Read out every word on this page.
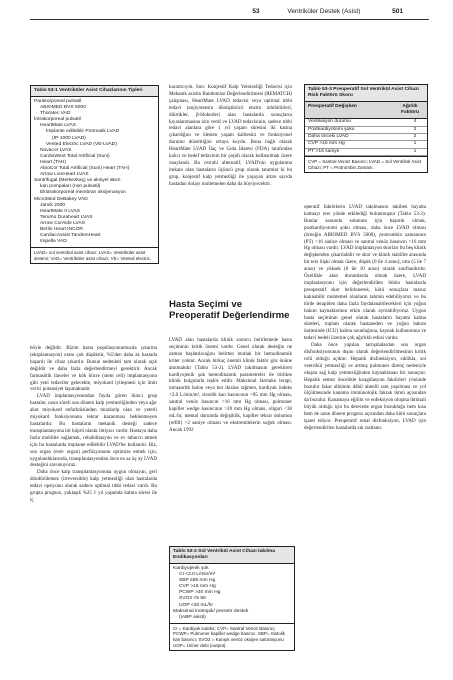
53	Ventriküler Destek (Asist)	501
Tablo 53-1 Ventriküler Asist Cihazlarının Tipleri
Parakorporeal pulsatil
ABIOMED BVS 5000
Thoratec VAD
İntrakorporeal pulsatil
HeartMate LVAS
İmplante edilebilir Pnömatik LVAD
(IP-1000 LVAD)
Vented Electric LVAD (VE-LVAD)
Novacor LVAS
CardioWest Total Artificial (Suni)
Heart (TAH)
AbioCor Total Artificial (Suni) Heart (TAH)
Arrow LionHeart LVAS
Santrifugal (Merkezkaç) ve aksiyel akım
kan pompaları (non pulsatil)
Ekstrakorporeal membran oksijenasyon
MicroMed DeBakey VAD
Jarvik 2000
HeartMate II LVAS
Terumo Duraheart LVAS
Arrow CorAide LVAS
Berlin Heart INCOR
CardiacAssist TandemHeart
Impella VAD
LVAD= sol ventrikül asist cihazı; LVAS= Ventriküler asist sistemi; VAD= Ventriküler asist cihazı; VE= Vented electric.

böyle değildir. Bizim hasta popülasyonumuzda çıkarma (eksplantasyon) oranı çok düşüktür, %5'den daha az hastada başarılı ile cihaz çıkarılır. Bunun nedenleri tam olarak açık değildir ve daha fazla değerlendirmeyi gerektirir. Ancak farmasötik ilaveler ve kök hücre (stem cell) implantasyonu gibi yeni tedaviler gelecekte, miyokard iyileşmesi için ümit verici potansiyel taşımaktadır.

LVAD implantasyonundan fayda gören ikinci grup hastalar, uzun süreli son dönem kalp yetmezliğinden veya ağır akut miyokard enfarktüsünden muzdarip olan ve yeterli miyokard fonksiyonunu tekrar kazanması beklenmeyen hastalardır. Bu hastaların mekanik desteği sadece transplantasyona bir köprü olarak ihtiyacı vardır. Hastaya daha fazla mobilite sağlamak, rehabilitasyon ve ev taburcu etmek için bu hastalarda implante edilebilir LVAD'ler kullanılır. Biz, son organ (end- organ) perfüzyonunu optimize etmek için, uygulandıklarında, transplantasyondan önce en az üç ay LVAD desteğini savunuyoruz.

Daha önce kalp transplantasyonuna uygun olmayan, geri döndürülemez (irreversible) kalp yetmezliği olan hastalarda tedavi opsiyonu olarak sadece optimal tıbbi tedavi vardı. Bu grupta prognoz, yaklaşık %25 1 yıl yaşamda kalma süresi ile iç

karartıcıydı. Son: Konjestif Kalp Yetmezliği Tedavisi için Mekanik asistin Randomize Değerlendirilmesi (REMATCH) çalışması, HeartMate LVAD tedavisi veya optimal tıbbi tedavi (anjiyotensin dönüştürücü enzim inhibitörleri, diürtikler, β-blokerler) alan hastalarda sonuçların kıyaslanmasına izin verdi ve LVAD tedavisinin, sadece tıbbi tedavi alanlara göre 1 yıl yaşam süresini iki katına çıkardığını ve ölesten yaşam kalitesini ve fonksiyonel durumu düzelttiğini ortaya koydu. Buna bağlı olarak HeartMate LVAD İlaç ve Gıda İdaresi (FDA) tarafından kalıcı ve hedef tedavinin bir çeşidi olarak kullanılmak üzere onaylandı. Bu cerrahi alternatif, LVAD'nin uygulanma imkanı olan hastaların üçüncü grup olarak tanımlar ki bu grup, konjestif kalp yetmezliği ile yaşayan artan sayıda hastadan dolayı multemelen daha da büyüyecektir.

Hasta Seçimi ve Preoperatif Değerlendirme

LVAD alan hastalarda klinik sonucu belirlemede hasta seçiminin kritik önemi vardır. Genel olarak desteğin ne zaman başlatılacağını belirten mutlak bir hemodinamik kriter yoktur. Ancak birkaç önemli klinik faktör göz önüne alınmalıdır (Tablo 53-2). LVAD takılmasını gerektiren kardiyojenik şok hemodinamik parametreler ile birlikte klinik bulgularla teşhis edilir. Maksimal farmako terapi, intraaortik balon veya her ikisine rağmen, kardiyak indeks <2.0 L/min/m², sistolik kan basıncının <85 mm Hg olması, santral venöz basıncın >16 mm Hg olması, pulmoner kapiller wedge basıncının >20 mm Hg olması, oliguri <30 mL/hr, mental durumda değişiklik, kapiller tekrar dolumun (refill) >2 saniye olması ve ekstremitelerin soğuk olması. Ancak 1992

Tablo 53-2 Sol Ventrikül Asist Cihazı takılma Endikasyonları
Kardiyojenik şok
CI <2.0 L/min/m²
SBP ≤85 mm Hg
CVP >16 mm Hg
PCWP >20 mm Hg
SVO2 <5 50
UOP <30 mL/hr
Maksimal inotropik/ pressör destek
(IABP asisti)
CI = Kardiyak indeks; CVP= Santral Venöz Basıncı; PCWP= Pulmoner kapiller wedge basıncı; SBP= Sistolik kan basıncı; SVO2 = Karışık venöz oksijen satürasyonu UOP= Üriner debi (output).
Tablo 53-3 Preoperatif Sol Ventrikül Asist Cihazı Risk Faktörü Skoru
Preoperatif Değişken	Ağırlık Faktörü
Ventilasyon durumu	4
Postkardiyotomi şoku	2
Daha önceki LVAD	2
CVP >16 mm Hg	1
PT >16 saniye	1
CVP = Santral Venöz Basıncı; LVAD = Sol Ventrikül Asist Cihazı; PT = Protrombin Zamanı.

operatif faktörlerin LVAD takılmasını takiben hayatta kalmayı ters yönde etkilediği bulunmuştur (Tablo 53-3). Bunlar arasında solunum için başımlı olmak, postkardiyotomi şoku olması, daha önce LVAD olması (örneğin ABIOMED BVS 5000), protrombin zamanının (PT) >16 saniye olması ve santral venöz basıncın >16 mm Hg olması vardır. LVAD implantasyon skorları bu beş klinik değişkenden çıkarılabilir ve skor ve klinik stabilite arasında bir ters ilişki olmak üzere, düşük (0 ile 4 arası), orta (5 ile 7 arası) ve yüksek (8 ile 10 arası) olarak sınıflandırılır. Özellikle akut durumlarda olmak üzere, LVAD implantasyonu için değerlendirilen bütün hastalarda preoperatif skor belirlenerek, kötü sonuçlara maruz kalınabilir muhtemel olanların tahmin edebiliyoruz ve bu türde terapiden daha fazla faydalanabilecekleri için yoğun bakım kaynaklarının etkin olarak ayrılabiliyoruz. Uygun hasta seçiminin genel olarak hastaların hayatta kalma süreleri, toplam olarak hastaneden ve yoğun bakım ünitesinde (ICU) kalma uzunluğuna, kaynak kullanımına ve tedavi bedeli üzerine çok ağırlıklı etkisi vardır.

Daha önce yapılan tartışmalardan son organ disfonksiyonunun dışını olarak değerlendirilmesinin kritik rolü olduğu açıktır. Hepatik disfonksiyon, siklikla, sol ventrikül yetmezliği ve artmış pulmoner direnç nedeniyle oluşan sağ kalp yetmezliğinden kaynaklanan bir sonuçtur. Hepatik sentez öncelikle koagülasyon faktörleri yönünde bozulur fakat albümin dâhil ahenlil tam yapılması ve yol ölçülmesinde kanama immünolojik fakrak tümü açısından da bozulur. Kanamaya eğilim ve enfeksiyon oluşma ihtimali büyük olduğu için bu derecede organ bozukluğu hem kısa hem de uzun dönem prognoz açısından daha kötü sonuçlara işaret ediyor. Preoperatif renal disfonksiyon, LVAD için değerlendirilen hastalarda sık rastlanır.
